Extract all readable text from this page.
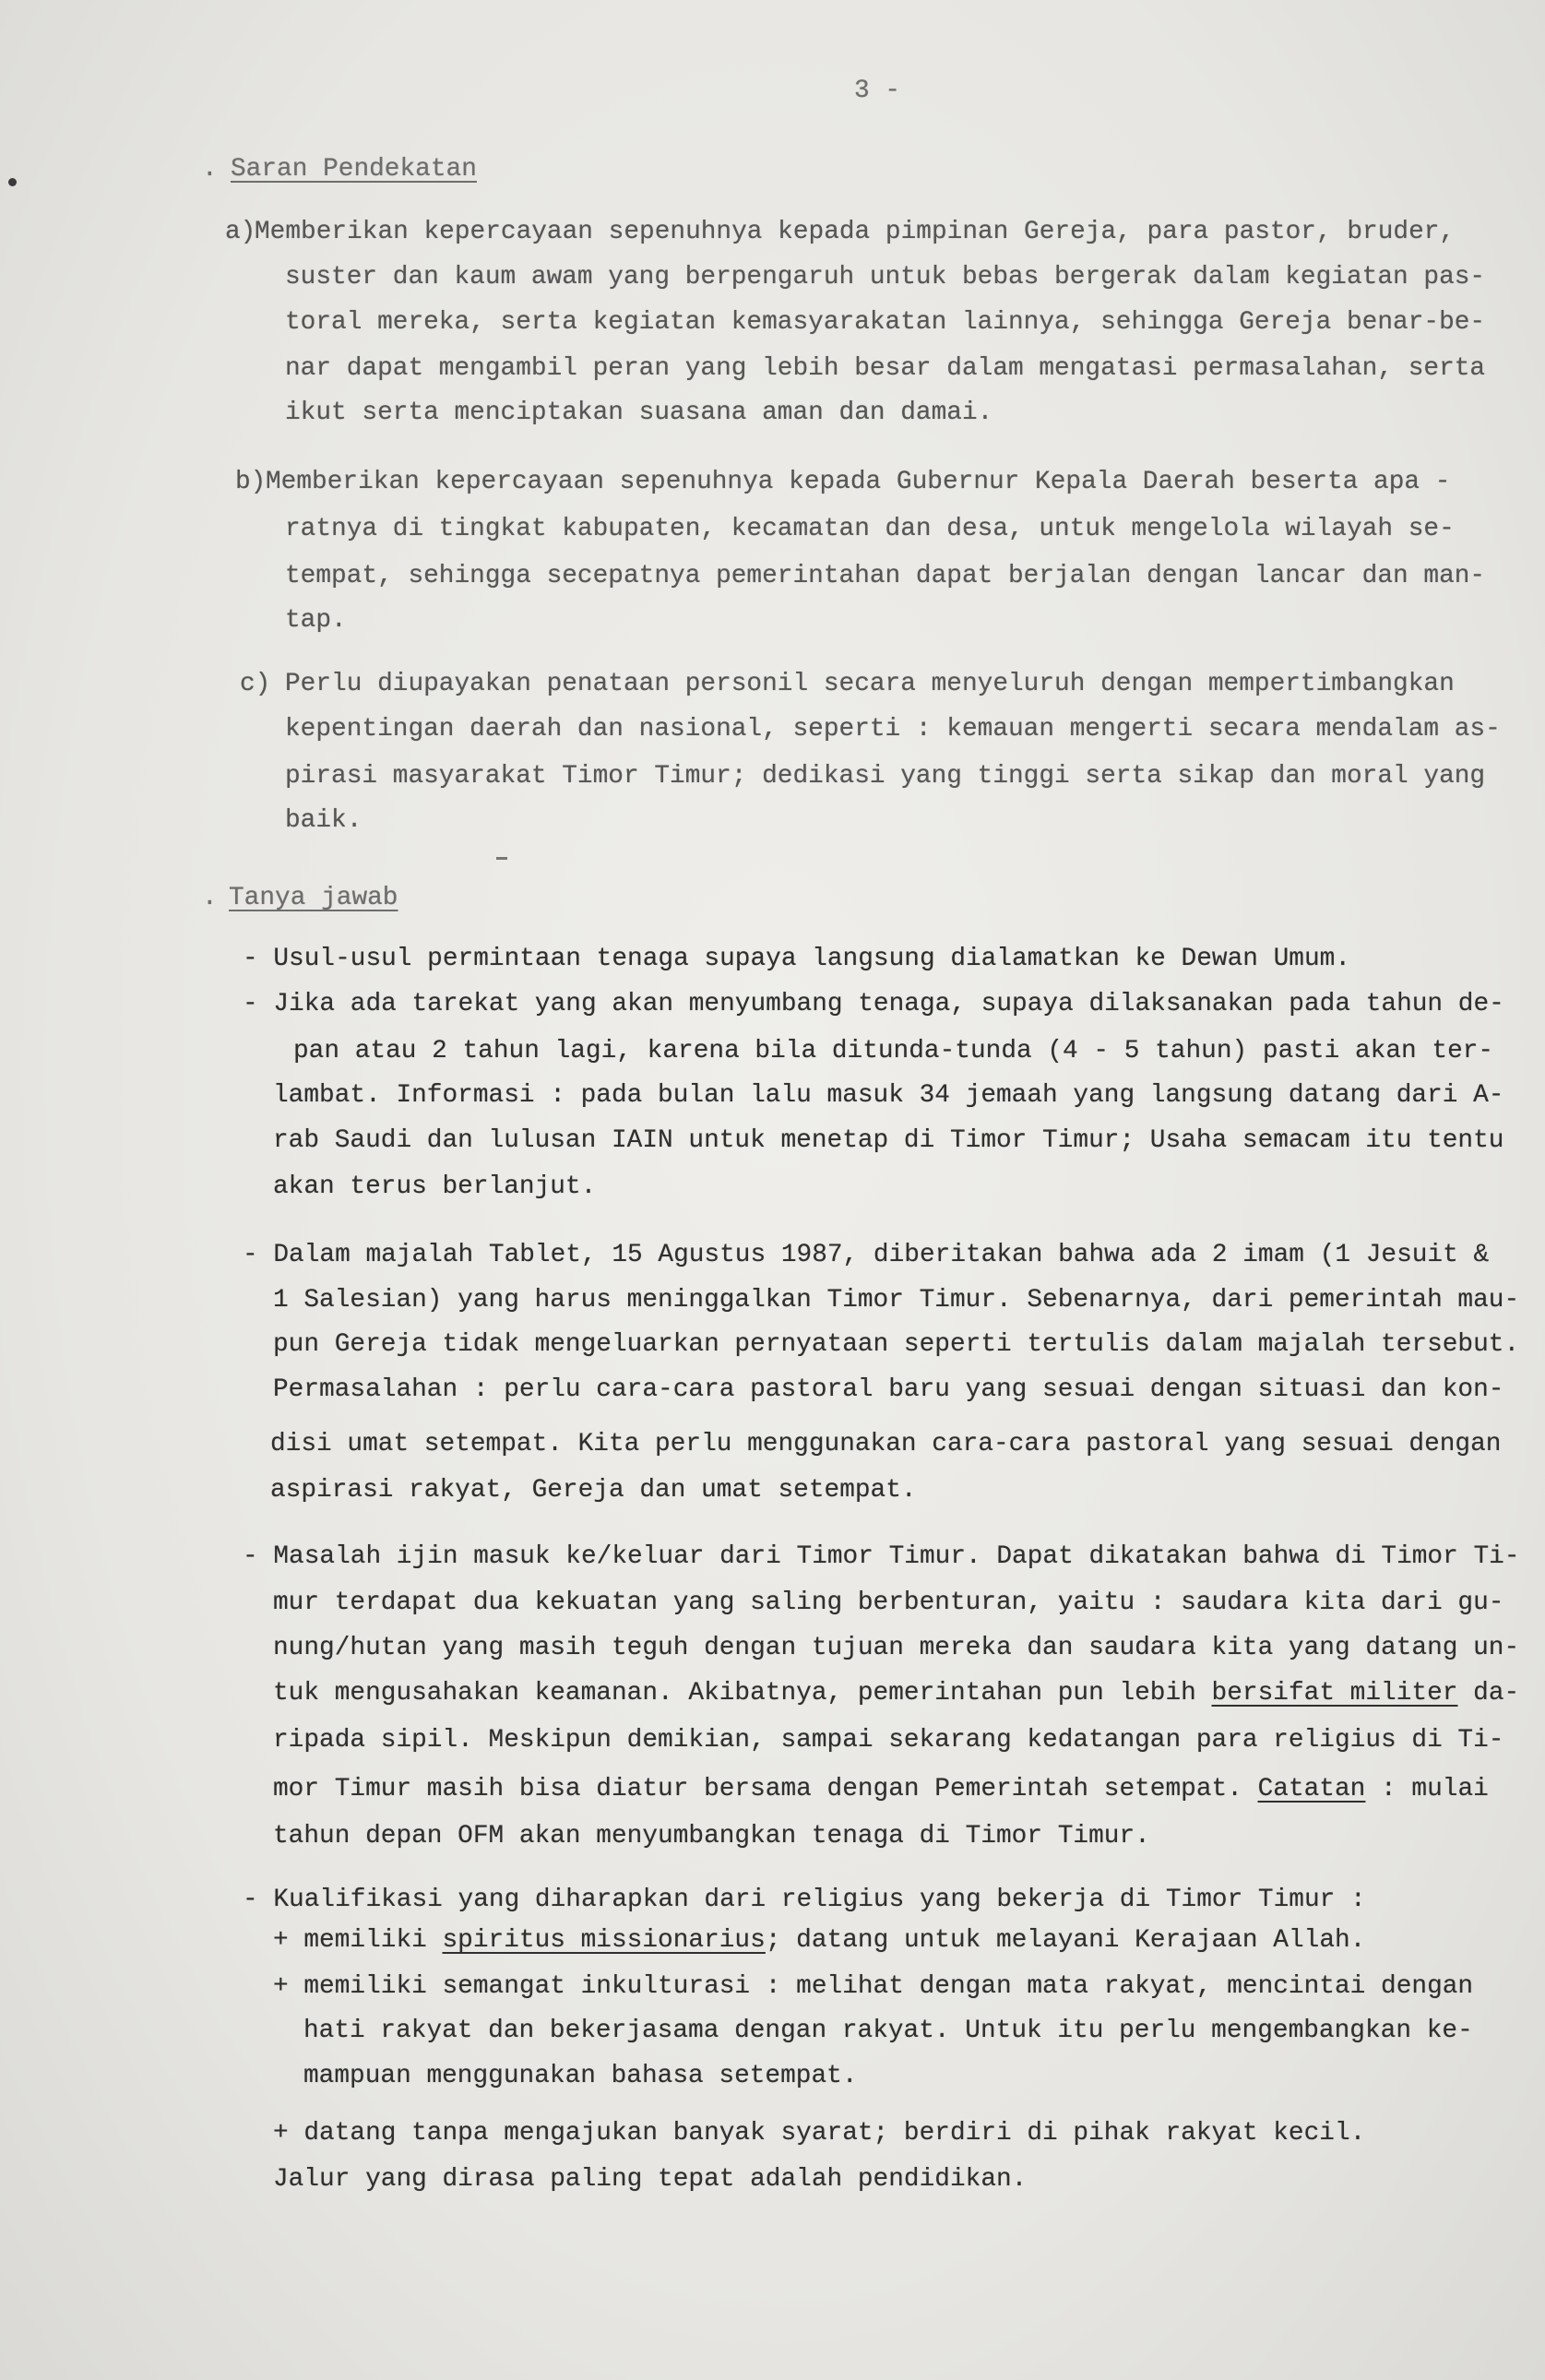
3 -
. Saran Pendekatan
a)
Memberikan kepercayaan sepenuhnya kepada pimpinan Gereja, para pastor, bruder,
suster dan kaum awam yang berpengaruh untuk bebas bergerak dalam kegiatan pas-
toral mereka, serta kegiatan kemasyarakatan lainnya, sehingga Gereja benar-be-
nar dapat mengambil peran yang lebih besar dalam mengatasi permasalahan, serta
ikut serta menciptakan suasana aman dan damai.
b) Memberikan kepercayaan sepenuhnya kepada Gubernur Kepala Daerah beserta apa -
ratnya di tingkat kabupaten, kecamatan dan desa, untuk mengelola wilayah se-
tempat, sehingga secepatnya pemerintahan dapat berjalan dengan lancar dan man-
tap.
c) Perlu diupayakan penataan personil secara menyeluruh dengan mempertimbangkan
kepentingan daerah dan nasional, seperti : kemauan mengerti secara mendalam as-
pirasi masyarakat Timor Timur; dedikasi yang tinggi serta sikap dan moral yang
baik.
. Tanya jawab
- Usul-usul permintaan tenaga supaya langsung dialamatkan ke Dewan Umum.
- Jika ada tarekat yang akan menyumbang tenaga, supaya dilaksanakan pada tahun de-
pan atau 2 tahun lagi, karena bila ditunda-tunda (4 - 5 tahun) pasti akan ter-
lambat. Informasi : pada bulan lalu masuk 34 jemaah yang langsung datang dari A-
rab Saudi dan lulusan IAIN untuk menetap di Timor Timur; Usaha semacam itu tentu
akan terus berlanjut.
- Dalam majalah Tablet, 15 Agustus 1987, diberitakan bahwa ada 2 imam (1 Jesuit &
1 Salesian) yang harus meninggalkan Timor Timur. Sebenarnya, dari pemerintah mau-
pun Gereja tidak mengeluarkan pernyataan seperti tertulis dalam majalah tersebut.
Permasalahan : perlu cara-cara pastoral baru yang sesuai dengan situasi dan kon-
disi umat setempat. Kita perlu menggunakan cara-cara pastoral yang sesuai dengan
aspirasi rakyat, Gereja dan umat setempat.
- Masalah ijin masuk ke/keluar dari Timor Timur. Dapat dikatakan bahwa di Timor Ti-
mur terdapat dua kekuatan yang saling berbenturan, yaitu : saudara kita dari gu-
nung/hutan yang masih teguh dengan tujuan mereka dan saudara kita yang datang un-
tuk mengusahakan keamanan. Akibatnya, pemerintahan pun lebih bersifat militer da-
ripada sipil. Meskipun demikian, sampai sekarang kedatangan para religius di Ti-
mor Timur masih bisa diatur bersama dengan Pemerintah setempat. Catatan : mulai
tahun depan OFM akan menyumbangkan tenaga di Timor Timur.
- Kualifikasi yang diharapkan dari religius yang bekerja di Timor Timur :
+ memiliki spiritus missionarius; datang untuk melayani Kerajaan Allah.
+ memiliki semangat inkulturasi : melihat dengan mata rakyat, mencintai dengan
hati rakyat dan bekerjasama dengan rakyat. Untuk itu perlu mengembangkan ke-
mampuan menggunakan bahasa setempat.
+ datang tanpa mengajukan banyak syarat; berdiri di pihak rakyat kecil.
Jalur yang dirasa paling tepat adalah pendidikan.
